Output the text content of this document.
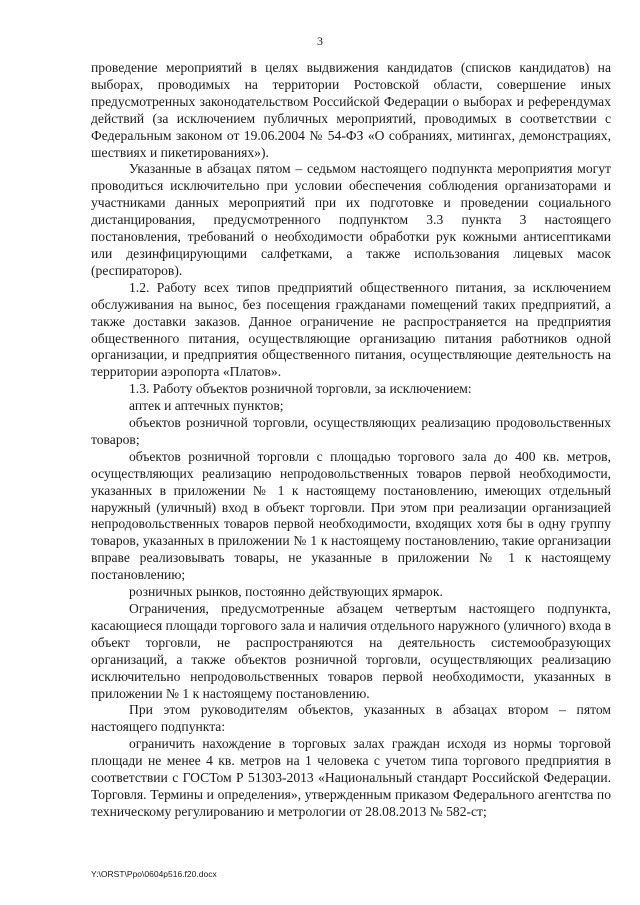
3

проведение мероприятий в целях выдвижения кандидатов (списков кандидатов) на выборах, проводимых на территории Ростовской области, совершение иных предусмотренных законодательством Российской Федерации о выборах и референдумах действий (за исключением публичных мероприятий, проводимых в соответствии с Федеральным законом от 19.06.2004 № 54-ФЗ «О собраниях, митингах, демонстрациях, шествиях и пикетированиях»).

Указанные в абзацах пятом – седьмом настоящего подпункта мероприятия могут проводиться исключительно при условии обеспечения соблюдения организаторами и участниками данных мероприятий при их подготовке и проведении социального дистанцирования, предусмотренного подпунктом 3.3 пункта 3 настоящего постановления, требований о необходимости обработки рук кожными антисептиками или дезинфицирующими салфетками, а также использования лицевых масок (респираторов).

1.2. Работу всех типов предприятий общественного питания, за исключением обслуживания на вынос, без посещения гражданами помещений таких предприятий, а также доставки заказов. Данное ограничение не распространяется на предприятия общественного питания, осуществляющие организацию питания работников одной организации, и предприятия общественного питания, осуществляющие деятельность на территории аэропорта «Платов».

1.3. Работу объектов розничной торговли, за исключением:

аптек и аптечных пунктов;

объектов розничной торговли, осуществляющих реализацию продовольственных товаров;

объектов розничной торговли с площадью торгового зала до 400 кв. метров, осуществляющих реализацию непродовольственных товаров первой необходимости, указанных в приложении № 1 к настоящему постановлению, имеющих отдельный наружный (уличный) вход в объект торговли. При этом при реализации организацией непродовольственных товаров первой необходимости, входящих хотя бы в одну группу товаров, указанных в приложении № 1 к настоящему постановлению, такие организации вправе реализовывать товары, не указанные в приложении № 1 к настоящему постановлению;

розничных рынков, постоянно действующих ярмарок.

Ограничения, предусмотренные абзацем четвертым настоящего подпункта, касающиеся площади торгового зала и наличия отдельного наружного (уличного) входа в объект торговли, не распространяются на деятельность системообразующих организаций, а также объектов розничной торговли, осуществляющих реализацию исключительно непродовольственных товаров первой необходимости, указанных в приложении № 1 к настоящему постановлению.

При этом руководителям объектов, указанных в абзацах втором – пятом настоящего подпункта:

ограничить нахождение в торговых залах граждан исходя из нормы торговой площади не менее 4 кв. метров на 1 человека с учетом типа торгового предприятия в соответствии с ГОСТом Р 51303-2013 «Национальный стандарт Российской Федерации. Торговля. Термины и определения», утвержденным приказом Федерального агентства по техническому регулированию и метрологии от 28.08.2013 № 582-ст;

Y:\ORST\Ppo\0604p516.f20.docx
